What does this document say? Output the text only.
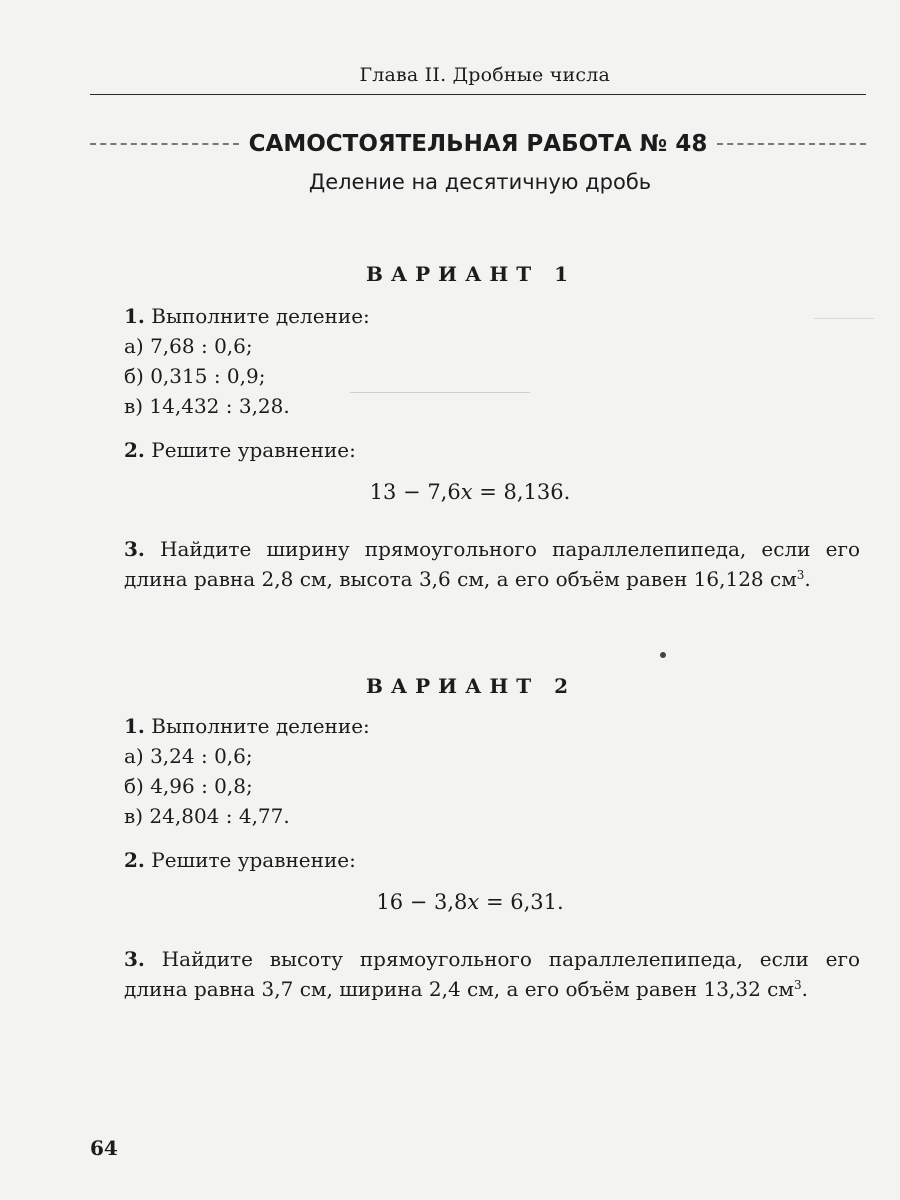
Глава II. Дробные числа
САМОСТОЯТЕЛЬНАЯ РАБОТА № 48
Деление на десятичную дробь
ВАРИАНТ 1
1. Выполните деление:
а) 7,68 : 0,6;
б) 0,315 : 0,9;
в) 14,432 : 3,28.
2. Решите уравнение:
13 − 7,6x = 8,136.
3. Найдите ширину прямоугольного параллелепипеда, если его длина равна 2,8 см, высота 3,6 см, а его объём равен 16,128 $см^3$.
ВАРИАНТ 2
1. Выполните деление:
а) 3,24 : 0,6;
б) 4,96 : 0,8;
в) 24,804 : 4,77.
2. Решите уравнение:
16 − 3,8x = 6,31.
3. Найдите высоту прямоугольного параллелепипеда, если его длина равна 3,7 см, ширина 2,4 см, а его объём равен 13,32 $см^3$.
64
